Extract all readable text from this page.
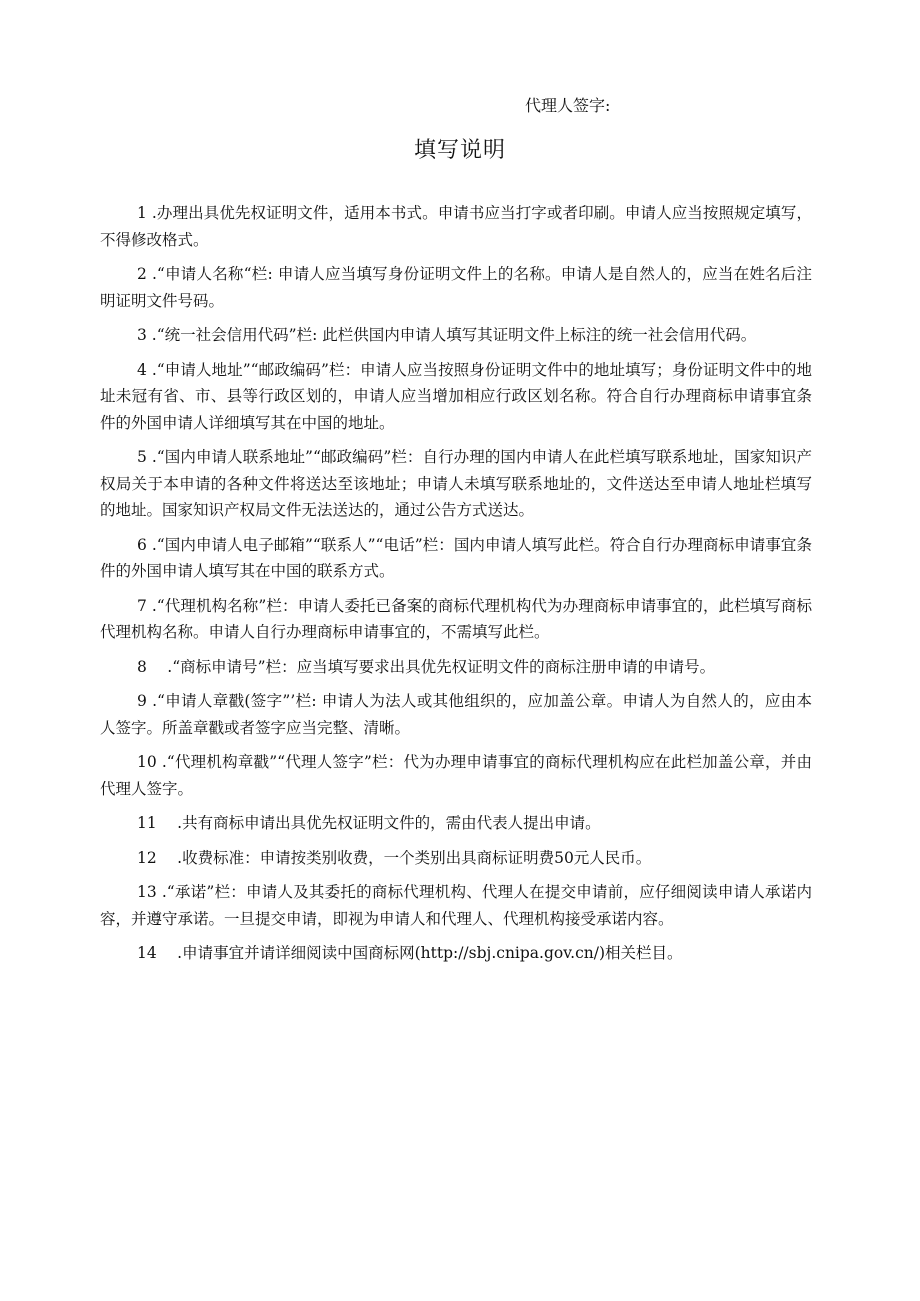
代理人签字:
填写说明

1 .办理出具优先权证明文件，适用本书式。申请书应当打字或者印刷。申请人应当按照规定填写，不得修改格式。

2 .“申请人名称“栏: 申请人应当填写身份证明文件上的名称。申请人是自然人的，应当在姓名后注明证明文件号码。

3 .“统一社会信用代码”栏: 此栏供国内申请人填写其证明文件上标注的统一社会信用代码。

4 .“申请人地址”“邮政编码”栏：申请人应当按照身份证明文件中的地址填写；身份证明文件中的地址未冠有省、市、县等行政区划的，申请人应当增加相应行政区划名称。符合自行办理商标申请事宜条件的外国申请人详细填写其在中国的地址。

5 .“国内申请人联系地址”“邮政编码”栏：自行办理的国内申请人在此栏填写联系地址，国家知识产权局关于本申请的各种文件将送达至该地址；申请人未填写联系地址的，文件送达至申请人地址栏填写的地址。国家知识产权局文件无法送达的，通过公告方式送达。

6 .“国内申请人电子邮箱”“联系人”“电话”栏：国内申请人填写此栏。符合自行办理商标申请事宜条件的外国申请人填写其在中国的联系方式。

7 .“代理机构名称”栏：申请人委托已备案的商标代理机构代为办理商标申请事宜的，此栏填写商标代理机构名称。申请人自行办理商标申请事宜的，不需填写此栏。

8　 .“商标申请号”栏：应当填写要求出具优先权证明文件的商标注册申请的申请号。

9 .“申请人章戳(签字”’栏: 申请人为法人或其他组织的，应加盖公章。申请人为自然人的，应由本人签字。所盖章戳或者签字应当完整、清晰。

10 .“代理机构章戳”“代理人签字”栏：代为办理申请事宜的商标代理机构应在此栏加盖公章，并由代理人签字。

11　 .共有商标申请出具优先权证明文件的，需由代表人提出申请。

12　 .收费标准：申请按类别收费，一个类别出具商标证明费50元人民币。

13 .“承诺”栏：申请人及其委托的商标代理机构、代理人在提交申请前，应仔细阅读申请人承诺内容，并遵守承诺。一旦提交申请，即视为申请人和代理人、代理机构接受承诺内容。

14　 .申请事宜并请详细阅读中国商标网(http://sbj.cnipa.gov.cn/)相关栏目。
